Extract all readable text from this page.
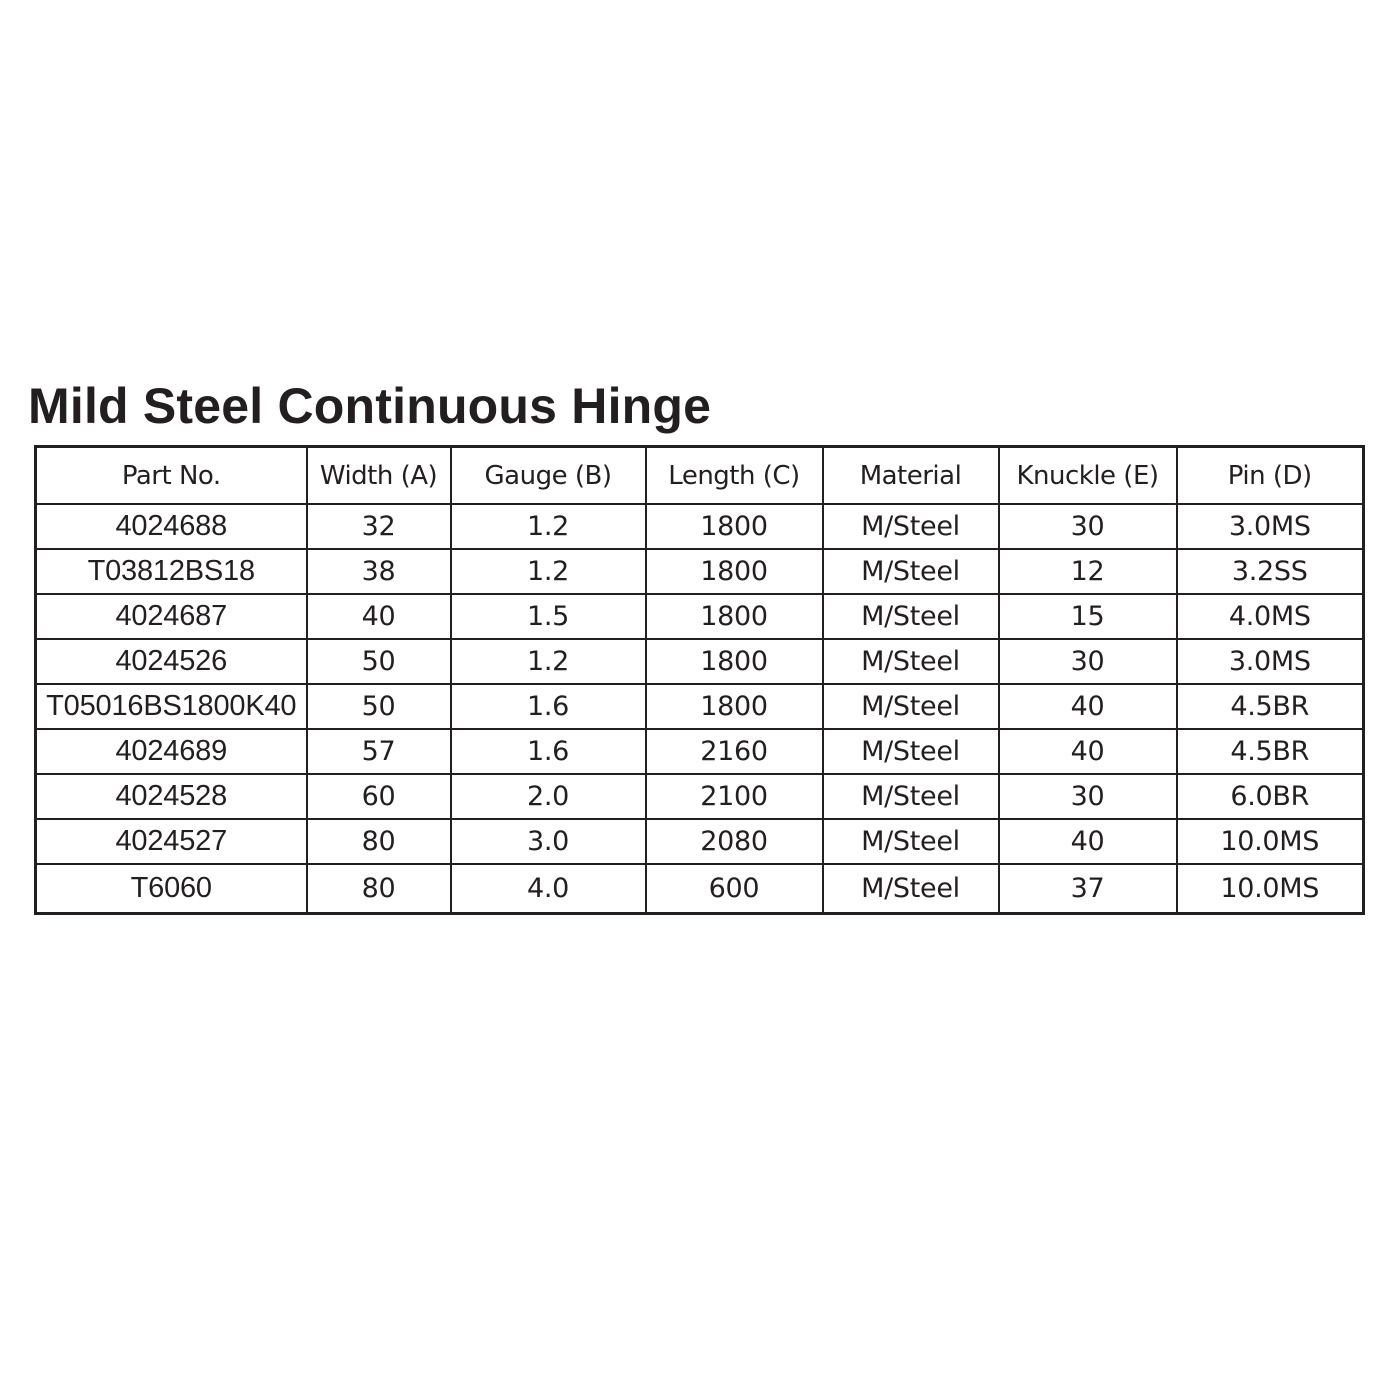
Mild Steel Continuous Hinge
Part No.	Width (A)	Gauge (B)	Length (C)	Material	Knuckle (E)	Pin (D)
4024688	32	1.2	1800	M/Steel	30	3.0MS
T03812BS18	38	1.2	1800	M/Steel	12	3.2SS
4024687	40	1.5	1800	M/Steel	15	4.0MS
4024526	50	1.2	1800	M/Steel	30	3.0MS
T05016BS1800K40	50	1.6	1800	M/Steel	40	4.5BR
4024689	57	1.6	2160	M/Steel	40	4.5BR
4024528	60	2.0	2100	M/Steel	30	6.0BR
4024527	80	3.0	2080	M/Steel	40	10.0MS
T6060	80	4.0	600	M/Steel	37	10.0MS
